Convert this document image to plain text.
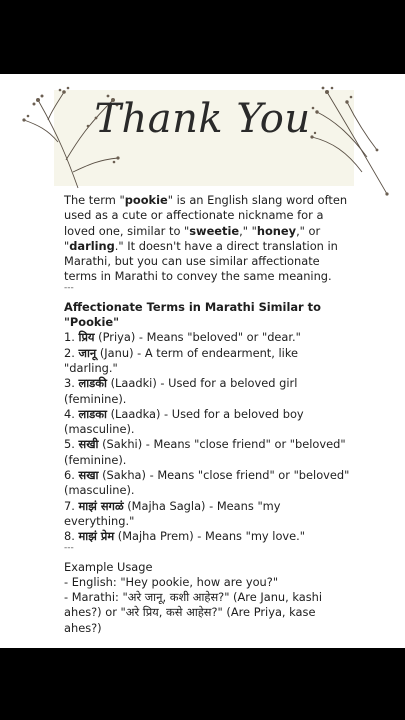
Thank You

The term "pookie" is an English slang word often used as a cute or affectionate nickname for a loved one, similar to "sweetie," "honey," or "darling." It doesn't have a direct translation in Marathi, but you can use similar affectionate terms in Marathi to convey the same meaning.

---

Affectionate Terms in Marathi Similar to "Pookie"

1. प्रिय (Priya) - Means "beloved" or "dear."

2. जानू (Janu) - A term of endearment, like "darling."

3. लाडकी (Laadki) - Used for a beloved girl (feminine).

4. लाडका (Laadka) - Used for a beloved boy (masculine).

5. सखी (Sakhi) - Means "close friend" or "beloved" (feminine).

6. सखा (Sakha) - Means "close friend" or "beloved" (masculine).

7. माझं सगळं (Majha Sagla) - Means "my everything."

8. माझं प्रेम (Majha Prem) - Means "my love."

---

Example Usage

- English: "Hey pookie, how are you?"

- Marathi: "अरे जानू, कशी आहेस?" (Are Janu, kashi ahes?) or "अरे प्रिय, कसे आहेस?" (Are Priya, kase ahes?)
